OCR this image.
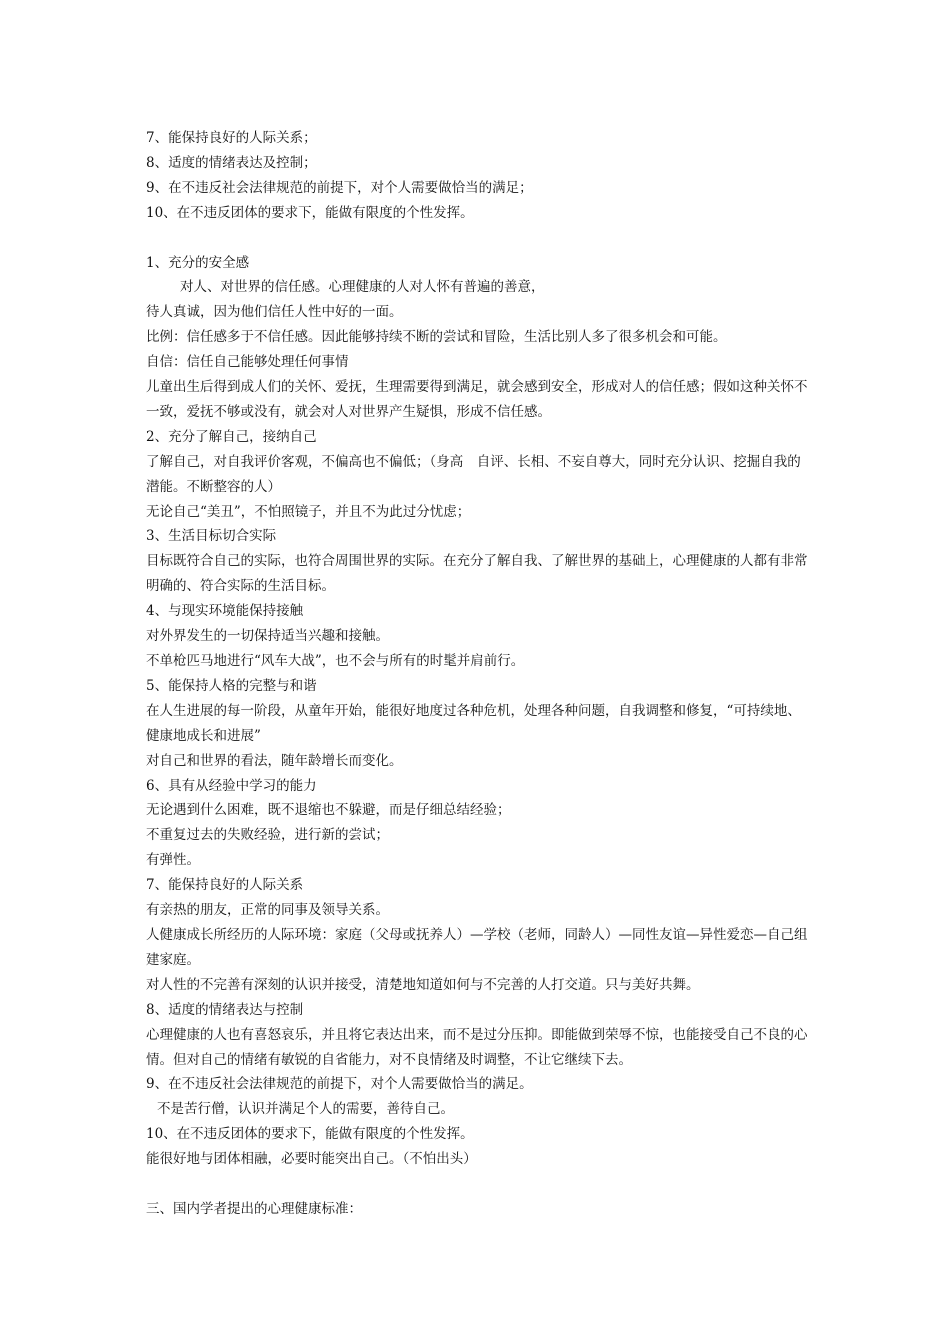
7、能保持良好的人际关系；
8、适度的情绪表达及控制；
9、在不违反社会法律规范的前提下，对个人需要做恰当的满足；
10、在不违反团体的要求下，能做有限度的个性发挥。
1、充分的安全感
对人、对世界的信任感。心理健康的人对人怀有普遍的善意，
待人真诚，因为他们信任人性中好的一面。
比例：信任感多于不信任感。因此能够持续不断的尝试和冒险，生活比别人多了很多机会和可能。
自信：信任自己能够处理任何事情
儿童出生后得到成人们的关怀、爱抚，生理需要得到满足，就会感到安全，形成对人的信任感；假如这种关怀不一致，爱抚不够或没有，就会对人对世界产生疑惧，形成不信任感。
2、充分了解自己，接纳自己
了解自己，对自我评价客观，不偏高也不偏低；（身高　自评、长相、不妄自尊大，同时充分认识、挖掘自我的潜能。不断整容的人）
无论自己“美丑”，不怕照镜子，并且不为此过分忧虑；
3、生活目标切合实际
目标既符合自己的实际，也符合周围世界的实际。在充分了解自我、了解世界的基础上，心理健康的人都有非常明确的、符合实际的生活目标。
4、与现实环境能保持接触
对外界发生的一切保持适当兴趣和接触。
不单枪匹马地进行“风车大战”，也不会与所有的时髦并肩前行。
5、能保持人格的完整与和谐
在人生进展的每一阶段，从童年开始，能很好地度过各种危机，处理各种问题，自我调整和修复，“可持续地、健康地成长和进展”
对自己和世界的看法，随年龄增长而变化。
6、具有从经验中学习的能力
无论遇到什么困难，既不退缩也不躲避，而是仔细总结经验；
不重复过去的失败经验，进行新的尝试；
有弹性。
7、能保持良好的人际关系
有亲热的朋友，正常的同事及领导关系。
人健康成长所经历的人际环境：家庭（父母或抚养人）—学校（老师，同龄人）—同性友谊—异性爱恋—自己组建家庭。
对人性的不完善有深刻的认识并接受，清楚地知道如何与不完善的人打交道。只与美好共舞。
8、适度的情绪表达与控制
心理健康的人也有喜怒哀乐，并且将它表达出来，而不是过分压抑。即能做到荣辱不惊，也能接受自己不良的心情。但对自己的情绪有敏锐的自省能力，对不良情绪及时调整，不让它继续下去。
9、在不违反社会法律规范的前提下，对个人需要做恰当的满足。
不是苦行僧，认识并满足个人的需要，善待自己。
10、在不违反团体的要求下，能做有限度的个性发挥。
能很好地与团体相融，必要时能突出自己。（不怕出头）
三、国内学者提出的心理健康标准：
